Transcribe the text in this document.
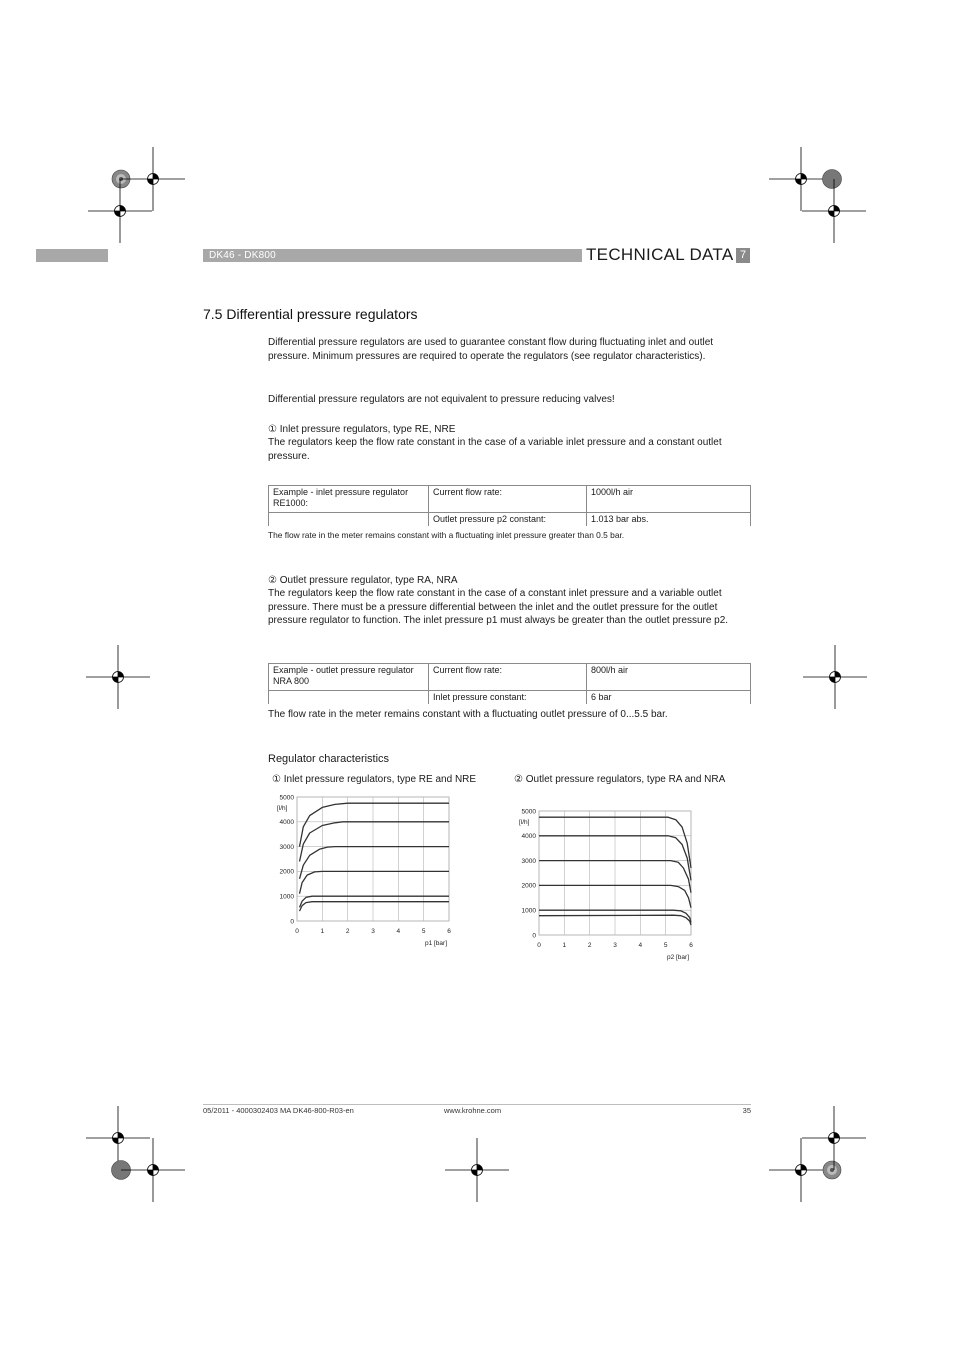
DK46 - DK800	TECHNICAL DATA 7
7.5 Differential pressure regulators
Differential pressure regulators are used to guarantee constant flow during fluctuating inlet and outlet pressure. Minimum pressures are required to operate the regulators (see regulator characteristics).
Differential pressure regulators are not equivalent to pressure reducing valves!
① Inlet pressure regulators, type RE, NRE
The regulators keep the flow rate constant in the case of a variable inlet pressure and a constant outlet pressure.
Example - inlet pressure regulator RE1000:	Current flow rate:	1000l/h air
	Outlet pressure p2 constant:	1.013 bar abs.
The flow rate in the meter remains constant with a fluctuating inlet pressure greater than 0.5 bar.
② Outlet pressure regulator, type RA, NRA
The regulators keep the flow rate constant in the case of a constant inlet pressure and a variable outlet pressure. There must be a pressure differential between the inlet and the outlet pressure for the outlet pressure regulator to function. The inlet pressure p1 must always be greater than the outlet pressure p2.
Example - outlet pressure regulator NRA 800	Current flow rate:	800l/h air
	Inlet pressure constant:	6 bar
The flow rate in the meter remains constant with a fluctuating outlet pressure of 0...5.5 bar.
Regulator characteristics
① Inlet pressure regulators, type RE and NRE	② Outlet pressure regulators, type RA and NRA
0	1	2	3	4	5	6
0
1000
2000
3000
4000
5000
[l/h]
p1 [bar]	0	1	2	3	4	5	6
0
1000
2000
3000
4000
5000
[l/h]
p2 [bar]
05/2011 - 4000302403 MA DK46-800-R03-en	www.krohne.com	35
